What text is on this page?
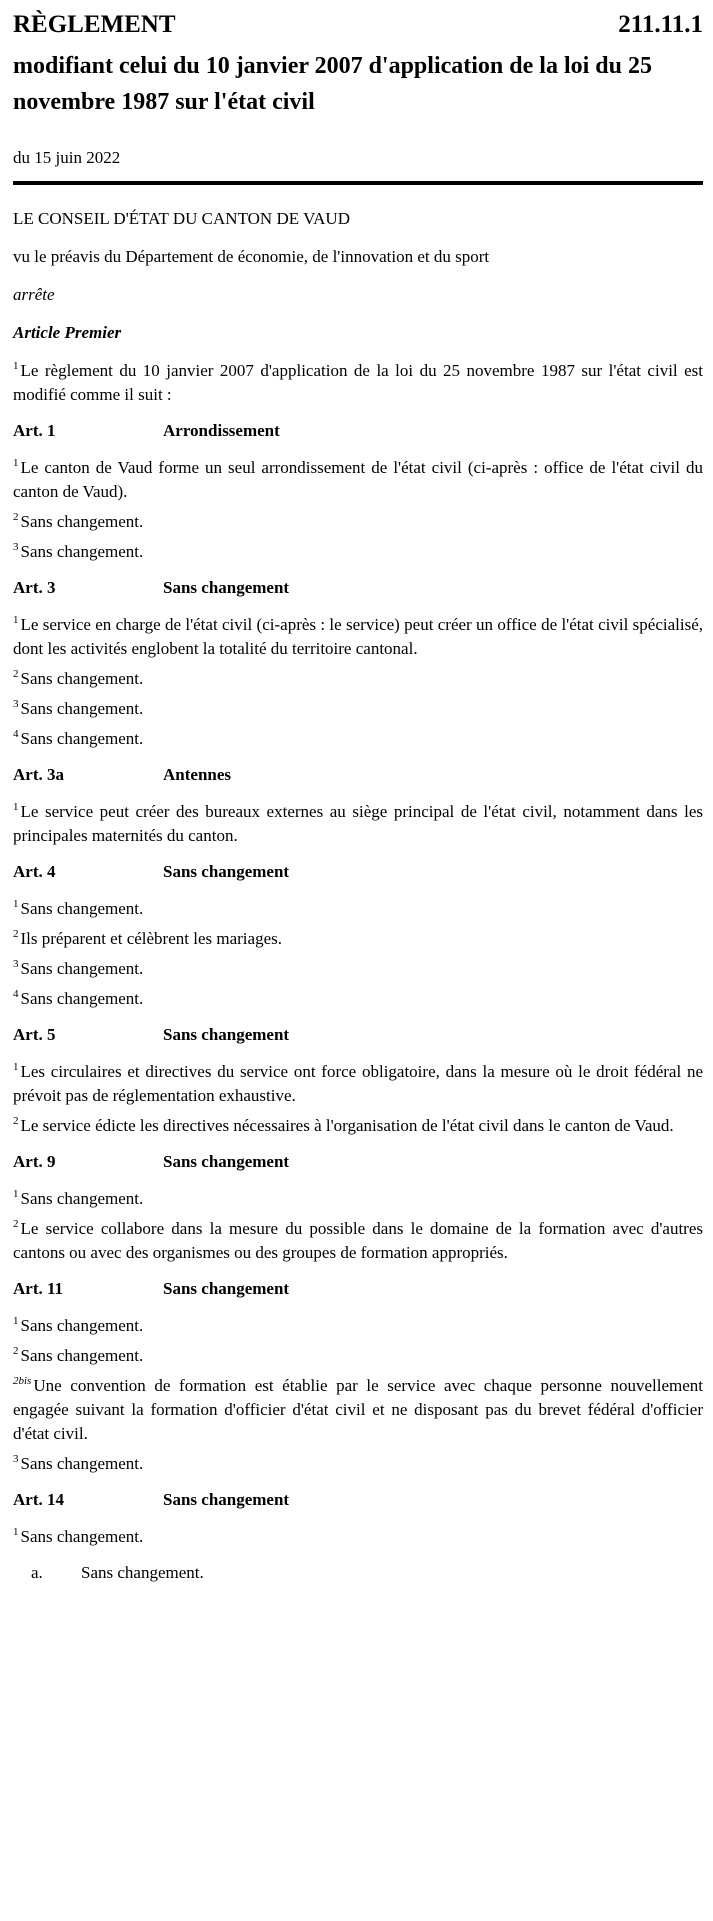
RÈGLEMENT	211.11.1
modifiant celui du 10 janvier 2007 d'application de la loi du 25 novembre 1987 sur l'état civil
du 15 juin 2022

LE CONSEIL D'ÉTAT DU CANTON DE VAUD

vu le préavis du Département de économie, de l'innovation et du sport

arrête

Article Premier

$^1$ Le règlement du 10 janvier 2007 d'application de la loi du 25 novembre 1987 sur l'état civil est modifié comme il suit :

Art. 1	Arrondissement

$^1$ Le canton de Vaud forme un seul arrondissement de l'état civil (ci-après : office de l'état civil du canton de Vaud).

$^2$ Sans changement.

$^3$ Sans changement.

Art. 3	Sans changement

$^1$ Le service en charge de l'état civil (ci-après : le service) peut créer un office de l'état civil spécialisé, dont les activités englobent la totalité du territoire cantonal.

$^2$ Sans changement.

$^3$ Sans changement.

$^4$ Sans changement.

Art. 3a	Antennes

$^1$ Le service peut créer des bureaux externes au siège principal de l'état civil, notamment dans les principales maternités du canton.

Art. 4	Sans changement

$^1$ Sans changement.

$^2$ Ils préparent et célèbrent les mariages.

$^3$ Sans changement.

$^4$ Sans changement.

Art. 5	Sans changement

$^1$ Les circulaires et directives du service ont force obligatoire, dans la mesure où le droit fédéral ne prévoit pas de réglementation exhaustive.

$^2$ Le service édicte les directives nécessaires à l'organisation de l'état civil dans le canton de Vaud.

Art. 9	Sans changement

$^1$ Sans changement.

$^2$ Le service collabore dans la mesure du possible dans le domaine de la formation avec d'autres cantons ou avec des organismes ou des groupes de formation appropriés.

Art. 11	Sans changement

$^1$ Sans changement.

$^2$ Sans changement.

$^{2bis}$ Une convention de formation est établie par le service avec chaque personne nouvellement engagée suivant la formation d'officier d'état civil et ne disposant pas du brevet fédéral d'officier d'état civil.

$^3$ Sans changement.

Art. 14	Sans changement

$^1$ Sans changement.

a.	Sans changement.
